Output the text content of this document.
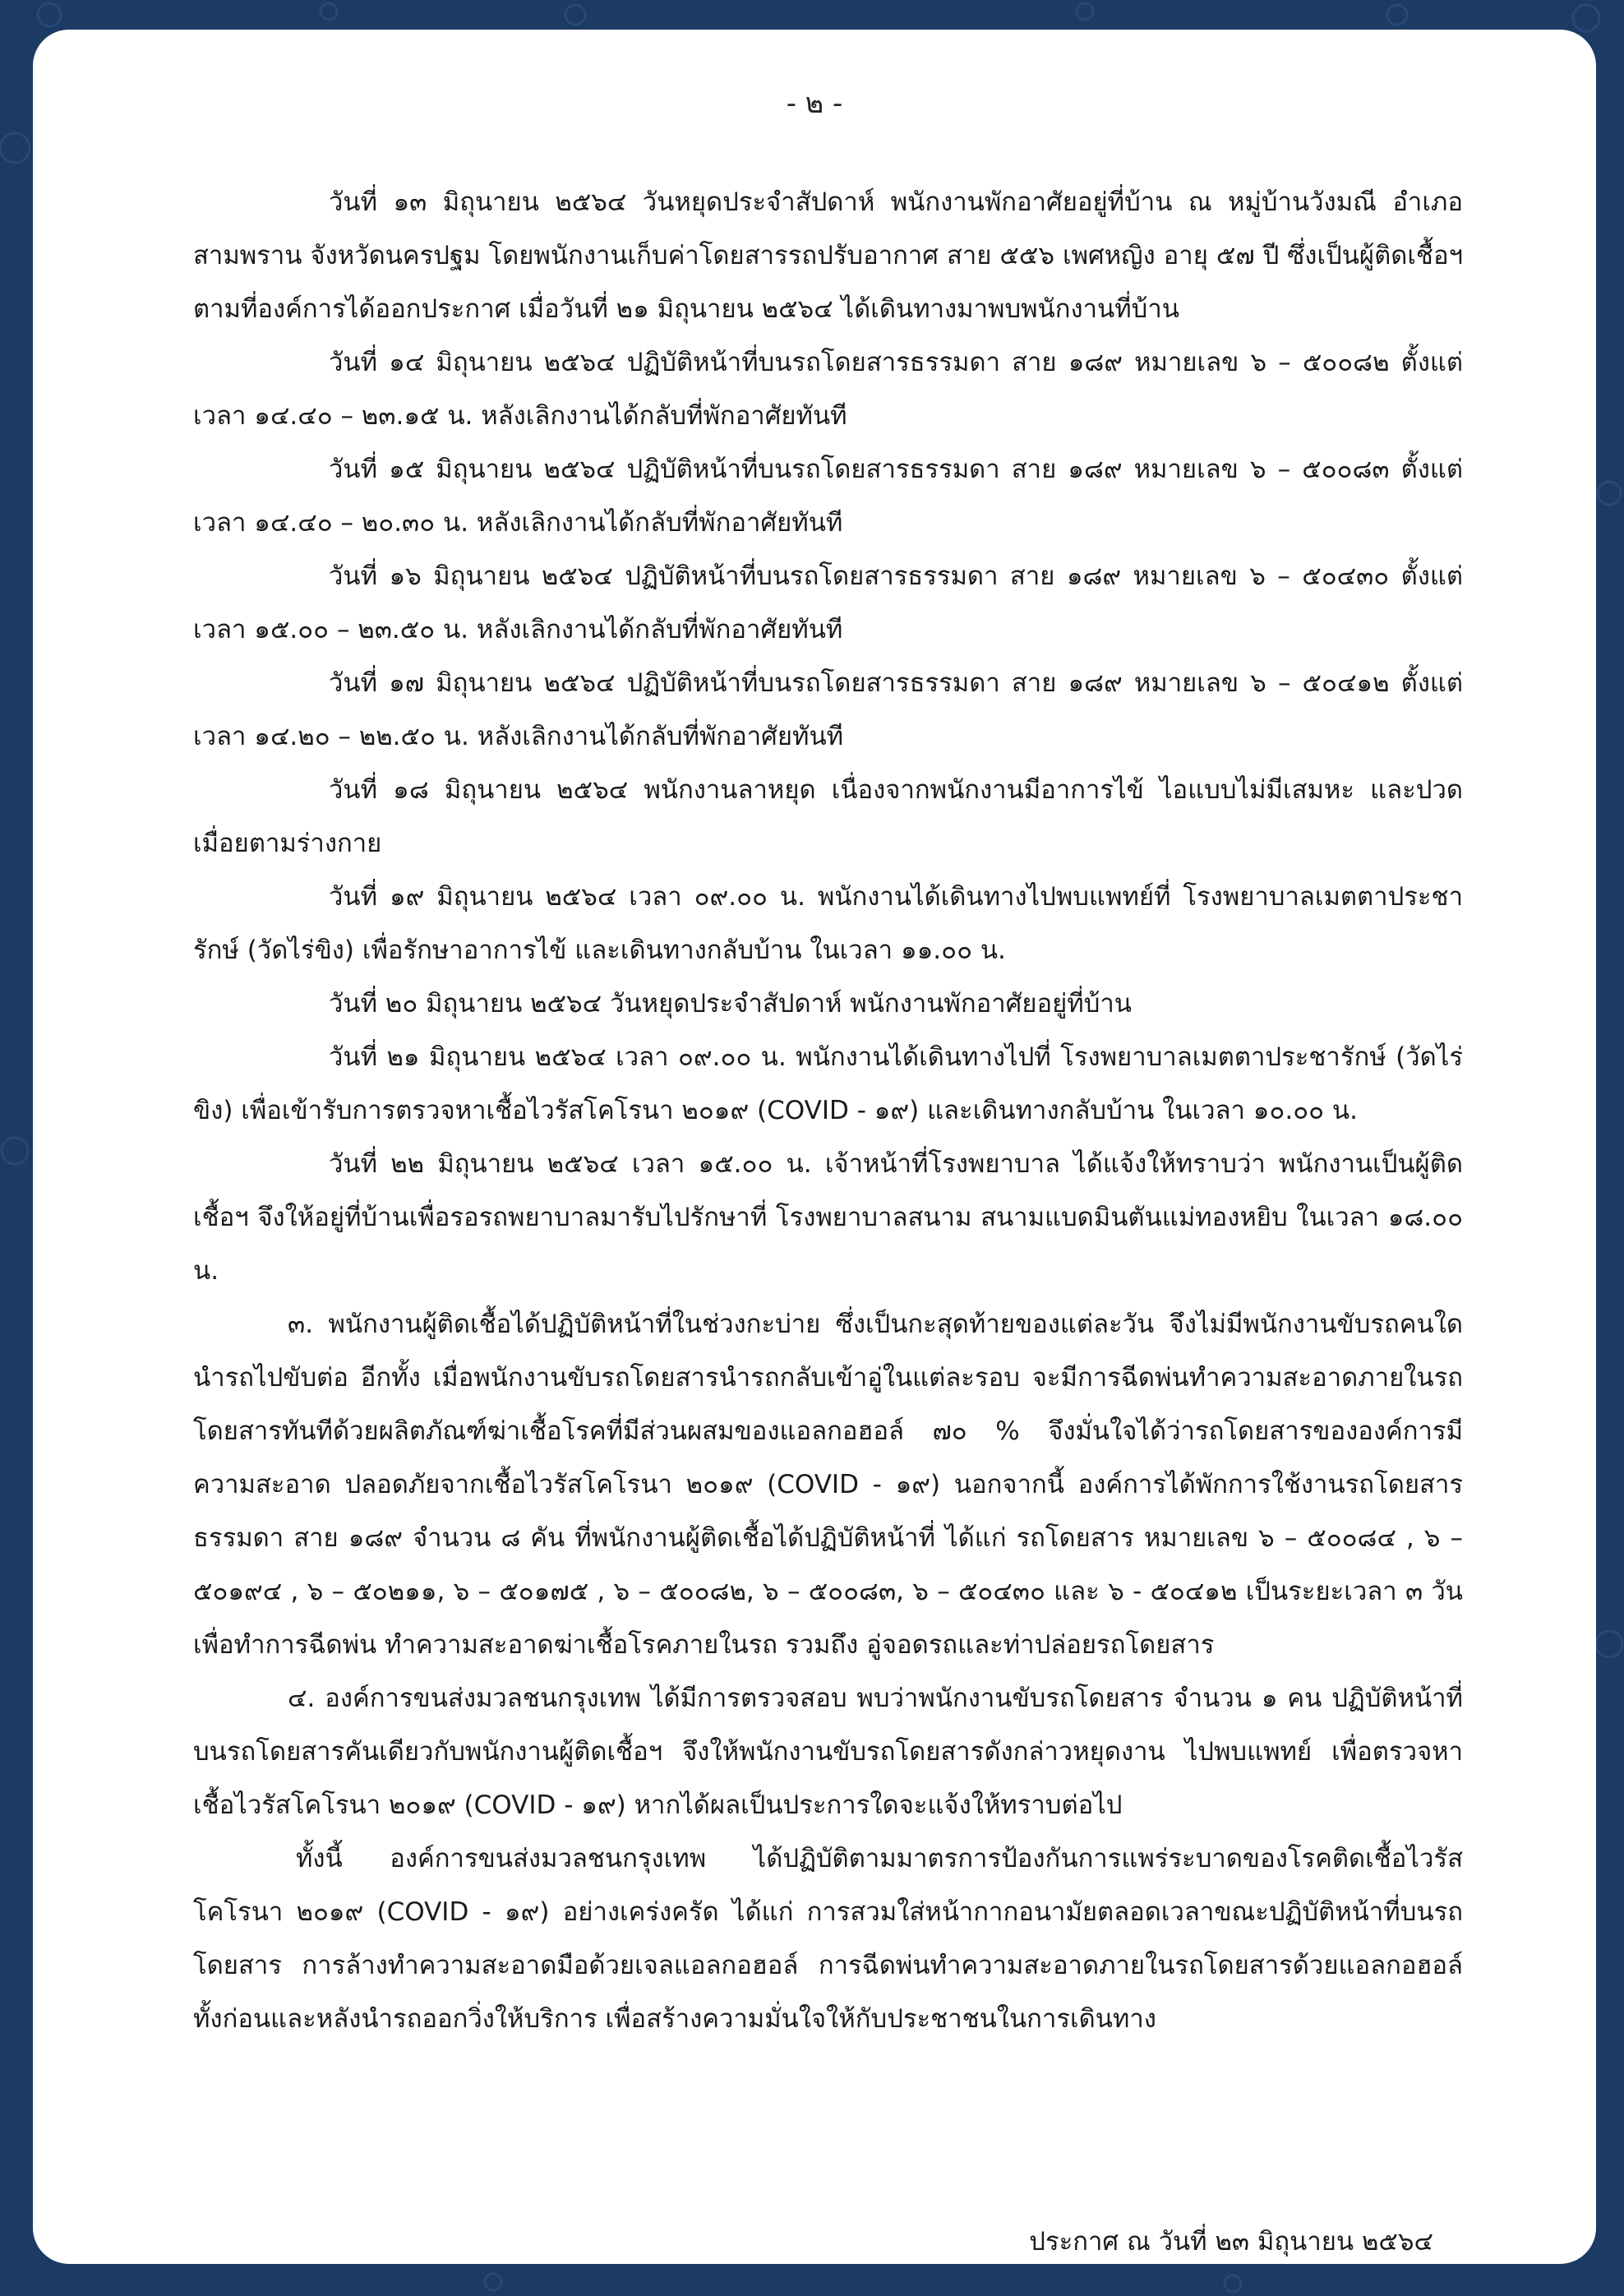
- ๒ -

วันที่ ๑๓ มิถุนายน ๒๕๖๔ วันหยุดประจำสัปดาห์ พนักงานพักอาศัยอยู่ที่บ้าน ณ หมู่บ้านวังมณี อำเภอสามพราน จังหวัดนครปฐม โดยพนักงานเก็บค่าโดยสารรถปรับอากาศ สาย ๕๕๖ เพศหญิง อายุ ๕๗ ปี ซึ่งเป็นผู้ติดเชื้อฯ ตามที่องค์การได้ออกประกาศ เมื่อวันที่ ๒๑ มิถุนายน ๒๕๖๔ ได้เดินทางมาพบพนักงานที่บ้าน

วันที่ ๑๔ มิถุนายน ๒๕๖๔ ปฏิบัติหน้าที่บนรถโดยสารธรรมดา สาย ๑๘๙ หมายเลข ๖ – ๕๐๐๘๒ ตั้งแต่เวลา ๑๔.๔๐ – ๒๓.๑๕ น. หลังเลิกงานได้กลับที่พักอาศัยทันที

วันที่ ๑๕ มิถุนายน ๒๕๖๔ ปฏิบัติหน้าที่บนรถโดยสารธรรมดา สาย ๑๘๙ หมายเลข ๖ – ๕๐๐๘๓ ตั้งแต่เวลา ๑๔.๔๐ – ๒๐.๓๐ น. หลังเลิกงานได้กลับที่พักอาศัยทันที

วันที่ ๑๖ มิถุนายน ๒๕๖๔ ปฏิบัติหน้าที่บนรถโดยสารธรรมดา สาย ๑๘๙ หมายเลข ๖ – ๕๐๔๓๐ ตั้งแต่เวลา ๑๕.๐๐ – ๒๓.๕๐ น. หลังเลิกงานได้กลับที่พักอาศัยทันที

วันที่ ๑๗ มิถุนายน ๒๕๖๔ ปฏิบัติหน้าที่บนรถโดยสารธรรมดา สาย ๑๘๙ หมายเลข ๖ – ๕๐๔๑๒ ตั้งแต่เวลา ๑๔.๒๐ – ๒๒.๕๐ น. หลังเลิกงานได้กลับที่พักอาศัยทันที

วันที่ ๑๘ มิถุนายน ๒๕๖๔ พนักงานลาหยุด เนื่องจากพนักงานมีอาการไข้ ไอแบบไม่มีเสมหะ และปวดเมื่อยตามร่างกาย

วันที่ ๑๙ มิถุนายน ๒๕๖๔ เวลา ๐๙.๐๐ น. พนักงานได้เดินทางไปพบแพทย์ที่ โรงพยาบาลเมตตาประชารักษ์ (วัดไร่ขิง) เพื่อรักษาอาการไข้ และเดินทางกลับบ้าน ในเวลา ๑๑.๐๐ น.

วันที่ ๒๐ มิถุนายน ๒๕๖๔ วันหยุดประจำสัปดาห์ พนักงานพักอาศัยอยู่ที่บ้าน

วันที่ ๒๑ มิถุนายน ๒๕๖๔ เวลา ๐๙.๐๐ น. พนักงานได้เดินทางไปที่ โรงพยาบาลเมตตาประชารักษ์ (วัดไร่ขิง) เพื่อเข้ารับการตรวจหาเชื้อไวรัสโคโรนา ๒๐๑๙ (COVID - ๑๙) และเดินทางกลับบ้าน ในเวลา ๑๐.๐๐ น.

วันที่ ๒๒ มิถุนายน ๒๕๖๔ เวลา ๑๕.๐๐ น. เจ้าหน้าที่โรงพยาบาล ได้แจ้งให้ทราบว่า พนักงานเป็นผู้ติดเชื้อฯ จึงให้อยู่ที่บ้านเพื่อรอรถพยาบาลมารับไปรักษาที่ โรงพยาบาลสนาม สนามแบดมินตันแม่ทองหยิบ ในเวลา ๑๘.๐๐ น.

๓. พนักงานผู้ติดเชื้อได้ปฏิบัติหน้าที่ในช่วงกะบ่าย ซึ่งเป็นกะสุดท้ายของแต่ละวัน จึงไม่มีพนักงานขับรถคนใดนำรถไปขับต่อ อีกทั้ง เมื่อพนักงานขับรถโดยสารนำรถกลับเข้าอู่ในแต่ละรอบ จะมีการฉีดพ่นทำความสะอาดภายในรถโดยสารทันทีด้วยผลิตภัณฑ์ฆ่าเชื้อโรคที่มีส่วนผสมของแอลกอฮอล์ ๗๐ % จึงมั่นใจได้ว่ารถโดยสารขององค์การมีความสะอาด ปลอดภัยจากเชื้อไวรัสโคโรนา ๒๐๑๙ (COVID - ๑๙) นอกจากนี้ องค์การได้พักการใช้งานรถโดยสารธรรมดา สาย ๑๘๙ จำนวน ๘ คัน ที่พนักงานผู้ติดเชื้อได้ปฏิบัติหน้าที่ ได้แก่ รถโดยสาร หมายเลข ๖ – ๕๐๐๘๔ , ๖ – ๕๐๑๙๔ , ๖ – ๕๐๒๑๑, ๖ – ๕๐๑๗๕ , ๖ – ๕๐๐๘๒, ๖ – ๕๐๐๘๓, ๖ – ๕๐๔๓๐ และ ๖ - ๕๐๔๑๒ เป็นระยะเวลา ๓ วัน เพื่อทำการฉีดพ่น ทำความสะอาดฆ่าเชื้อโรคภายในรถ รวมถึง อู่จอดรถและท่าปล่อยรถโดยสาร

๔. องค์การขนส่งมวลชนกรุงเทพ ได้มีการตรวจสอบ พบว่าพนักงานขับรถโดยสาร จำนวน ๑ คน ปฏิบัติหน้าที่บนรถโดยสารคันเดียวกับพนักงานผู้ติดเชื้อฯ จึงให้พนักงานขับรถโดยสารดังกล่าวหยุดงาน ไปพบแพทย์ เพื่อตรวจหาเชื้อไวรัสโคโรนา ๒๐๑๙ (COVID - ๑๙) หากได้ผลเป็นประการใดจะแจ้งให้ทราบต่อไป

ทั้งนี้ องค์การขนส่งมวลชนกรุงเทพ ได้ปฏิบัติตามมาตรการป้องกันการแพร่ระบาดของโรคติดเชื้อไวรัสโคโรนา ๒๐๑๙ (COVID - ๑๙) อย่างเคร่งครัด ได้แก่ การสวมใส่หน้ากากอนามัยตลอดเวลาขณะปฏิบัติหน้าที่บนรถโดยสาร การล้างทำความสะอาดมือด้วยเจลแอลกอฮอล์ การฉีดพ่นทำความสะอาดภายในรถโดยสารด้วยแอลกอฮอล์ ทั้งก่อนและหลังนำรถออกวิ่งให้บริการ เพื่อสร้างความมั่นใจให้กับประชาชนในการเดินทาง

ประกาศ ณ วันที่ ๒๓ มิถุนายน ๒๕๖๔
